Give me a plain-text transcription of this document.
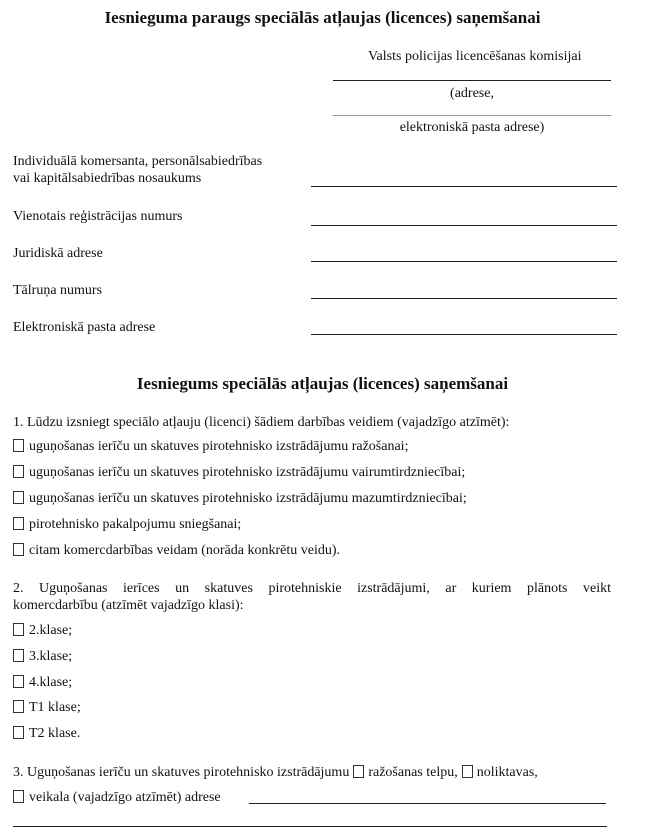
Iesnieguma paraugs speciālās atļaujas (licences) saņemšanai
Valsts policijas licencēšanas komisijai
(adrese,
elektroniskā pasta adrese)
Individuālā komersanta, personālsabiedrības
vai kapitālsabiedrības nosaukums
Vienotais reģistrācijas numurs
Juridiskā adrese
Tālruņa numurs
Elektroniskā pasta adrese
Iesniegums speciālās atļaujas (licences) saņemšanai
1. Lūdzu izsniegt speciālo atļauju (licenci) šādiem darbības veidiem (vajadzīgo atzīmēt):
uguņošanas ierīču un skatuves pirotehnisko izstrādājumu ražošanai;
uguņošanas ierīču un skatuves pirotehnisko izstrādājumu vairumtirdzniecībai;
uguņošanas ierīču un skatuves pirotehnisko izstrādājumu mazumtirdzniecībai;
pirotehnisko pakalpojumu sniegšanai;
citam komercdarbības veidam (norāda konkrētu veidu).
2. Uguņošanas ierīces un skatuves pirotehniskie izstrādājumi, ar kuriem plānots veikt
komercdarbību (atzīmēt vajadzīgo klasi):
2.klase;
3.klase;
4.klase;
T1 klase;
T2 klase.
3. Uguņošanas ierīču un skatuves pirotehnisko izstrādājumu ražošanas telpu, noliktavas,
veikala (vajadzīgo atzīmēt) adrese
